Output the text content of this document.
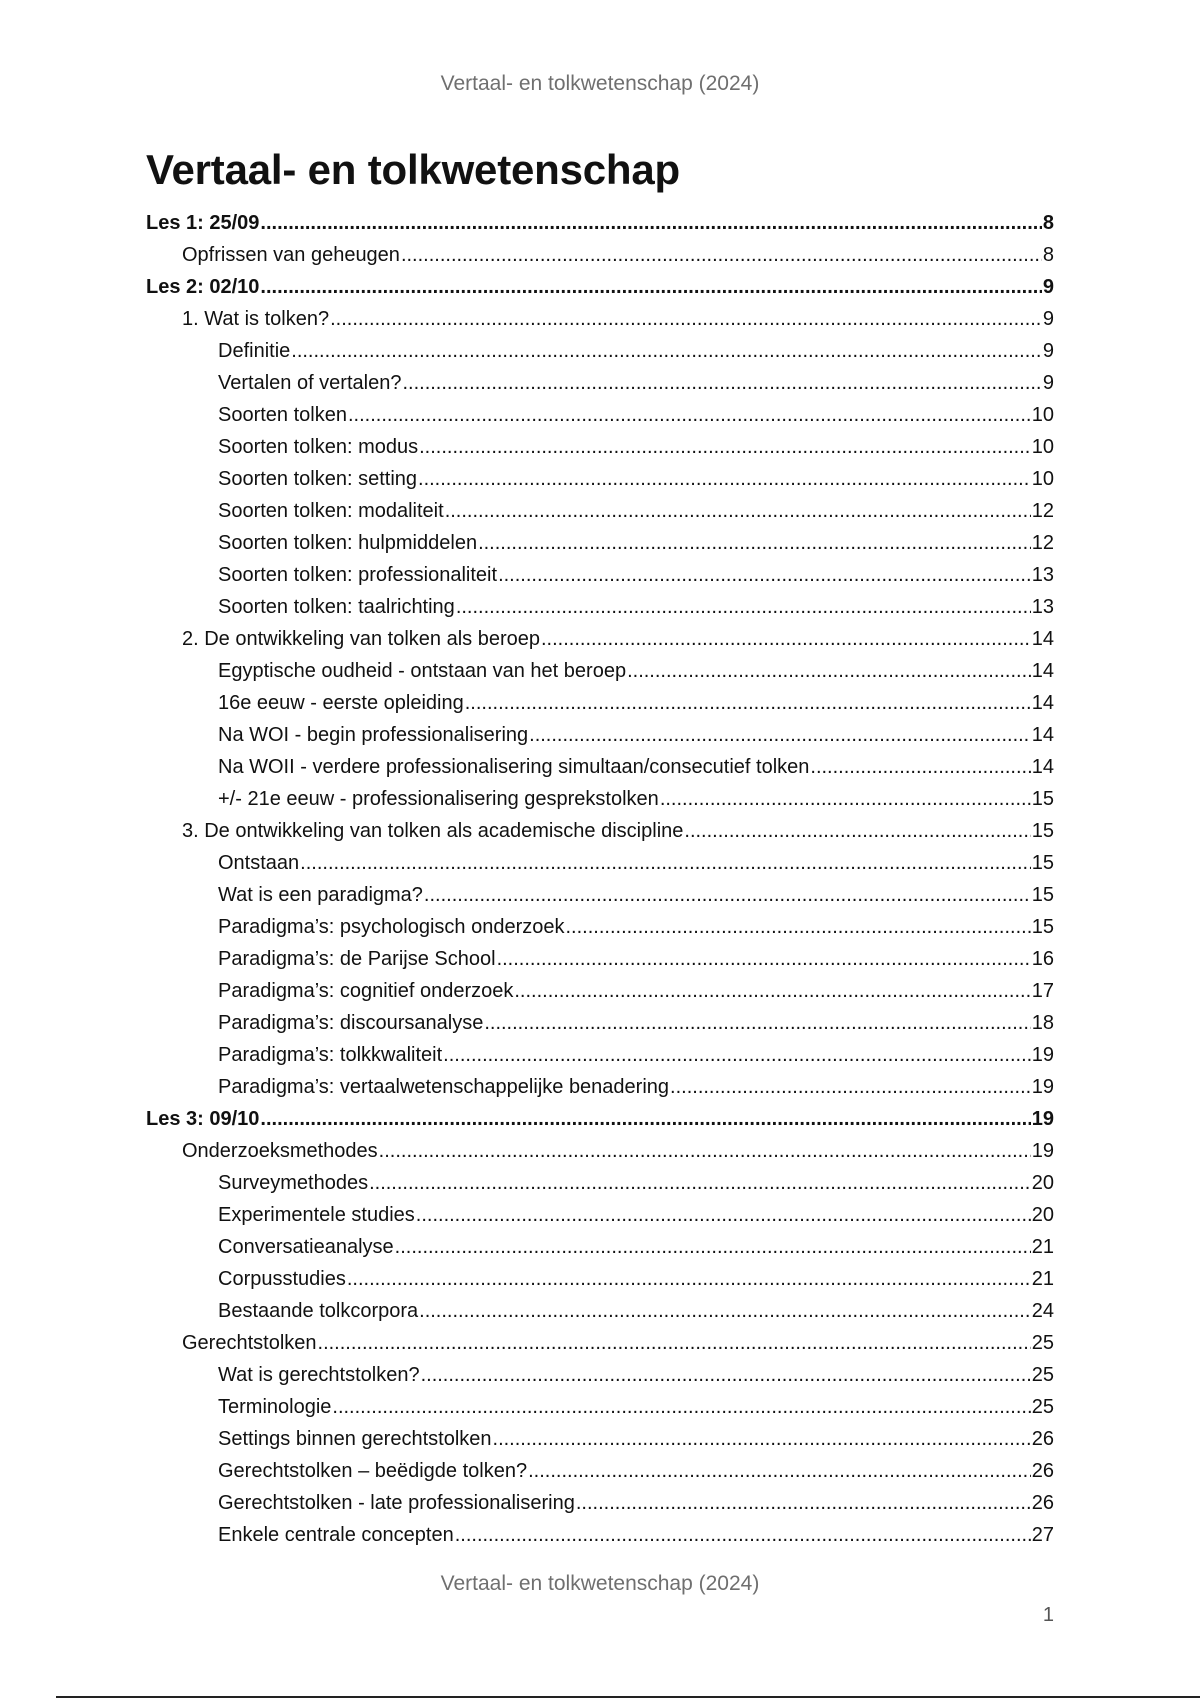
Vertaal- en tolkwetenschap (2024)
Vertaal- en tolkwetenschap
Les 1: 25/09 .....	8
Opfrissen van geheugen .....	8
Les 2: 02/10 .....	9
1. Wat is tolken? .....	9
Definitie .....	9
Vertalen of vertalen? .....	9
Soorten tolken .....	10
Soorten tolken: modus .....	10
Soorten tolken: setting .....	10
Soorten tolken: modaliteit .....	12
Soorten tolken: hulpmiddelen .....	12
Soorten tolken: professionaliteit .....	13
Soorten tolken: taalrichting .....	13
2. De ontwikkeling van tolken als beroep .....	14
Egyptische oudheid - ontstaan van het beroep .....	14
16e eeuw - eerste opleiding .....	14
Na WOI - begin professionalisering .....	14
Na WOII - verdere professionalisering simultaan/consecutief tolken .....	14
+/- 21e eeuw - professionalisering gesprekstolken .....	15
3. De ontwikkeling van tolken als academische discipline .....	15
Ontstaan .....	15
Wat is een paradigma? .....	15
Paradigma’s: psychologisch onderzoek .....	15
Paradigma’s: de Parijse School .....	16
Paradigma’s: cognitief onderzoek .....	17
Paradigma’s: discoursanalyse .....	18
Paradigma’s: tolkkwaliteit .....	19
Paradigma’s: vertaalwetenschappelijke benadering .....	19
Les 3: 09/10 .....	19
Onderzoeksmethodes .....	19
Surveymethodes .....	20
Experimentele studies .....	20
Conversatieanalyse .....	21
Corpusstudies .....	21
Bestaande tolkcorpora .....	24
Gerechtstolken .....	25
Wat is gerechtstolken? .....	25
Terminologie .....	25
Settings binnen gerechtstolken .....	26
Gerechtstolken – beëdigde tolken? .....	26
Gerechtstolken - late professionalisering .....	26
Enkele centrale concepten .....	27
Vertaal- en tolkwetenschap (2024)
1
